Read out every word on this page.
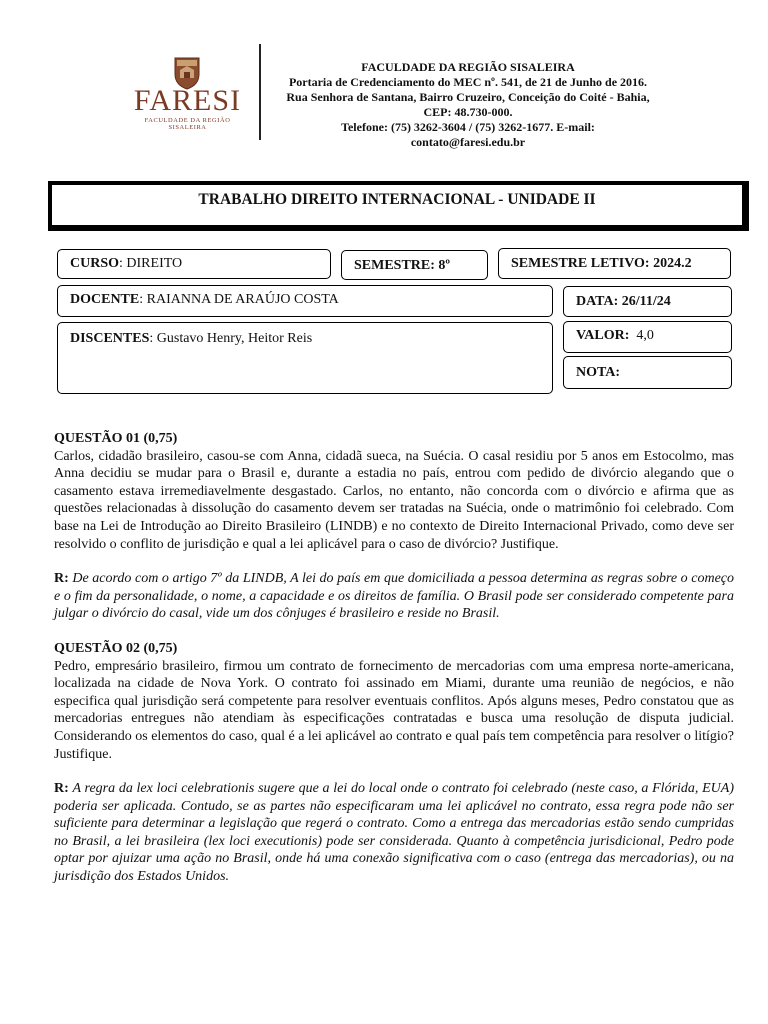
FARESI
FACULDADE DA REGIÃO SISALEIRA
FACULDADE DA REGIÃO SISALEIRA
Portaria de Credenciamento do MEC nº. 541, de 21 de Junho de 2016.
Rua Senhora de Santana, Bairro Cruzeiro, Conceição do Coité - Bahia,
CEP: 48.730-000.
Telefone: (75) 3262-3604 / (75) 3262-1677. E-mail:
contato@faresi.edu.br
TRABALHO DIREITO INTERNACIONAL - UNIDADE II
CURSO: DIREITO	SEMESTRE: 8º	SEMESTRE LETIVO: 2024.2
DOCENTE: RAIANNA DE ARAÚJO COSTA	DATA: 26/11/24
DISCENTES: Gustavo Henry, Heitor Reis	VALOR: 4,0
NOTA:
QUESTÃO 01 (0,75)

Carlos, cidadão brasileiro, casou-se com Anna, cidadã sueca, na Suécia. O casal residiu por 5 anos em Estocolmo, mas Anna decidiu se mudar para o Brasil e, durante a estadia no país, entrou com pedido de divórcio alegando que o casamento estava irremediavelmente desgastado. Carlos, no entanto, não concorda com o divórcio e afirma que as questões relacionadas à dissolução do casamento devem ser tratadas na Suécia, onde o matrimônio foi celebrado. Com base na Lei de Introdução ao Direito Brasileiro (LINDB) e no contexto de Direito Internacional Privado, como deve ser resolvido o conflito de jurisdição e qual a lei aplicável para o caso de divórcio? Justifique.

R: De acordo com o artigo 7º da LINDB, A lei do país em que domiciliada a pessoa determina as regras sobre o começo e o fim da personalidade, o nome, a capacidade e os direitos de família. O Brasil pode ser considerado competente para julgar o divórcio do casal, vide um dos cônjuges é brasileiro e reside no Brasil.

QUESTÃO 02 (0,75)

Pedro, empresário brasileiro, firmou um contrato de fornecimento de mercadorias com uma empresa norte-americana, localizada na cidade de Nova York. O contrato foi assinado em Miami, durante uma reunião de negócios, e não especifica qual jurisdição será competente para resolver eventuais conflitos. Após alguns meses, Pedro constatou que as mercadorias entregues não atendiam às especificações contratadas e busca uma resolução de disputa judicial. Considerando os elementos do caso, qual é a lei aplicável ao contrato e qual país tem competência para resolver o litígio? Justifique.

R: A regra da lex loci celebrationis sugere que a lei do local onde o contrato foi celebrado (neste caso, a Flórida, EUA) poderia ser aplicada. Contudo, se as partes não especificaram uma lei aplicável no contrato, essa regra pode não ser suficiente para determinar a legislação que regerá o contrato. Como a entrega das mercadorias estão sendo cumpridas no Brasil, a lei brasileira (lex loci executionis) pode ser considerada. Quanto à competência jurisdicional, Pedro pode optar por ajuizar uma ação no Brasil, onde há uma conexão significativa com o caso (entrega das mercadorias), ou na jurisdição dos Estados Unidos.
